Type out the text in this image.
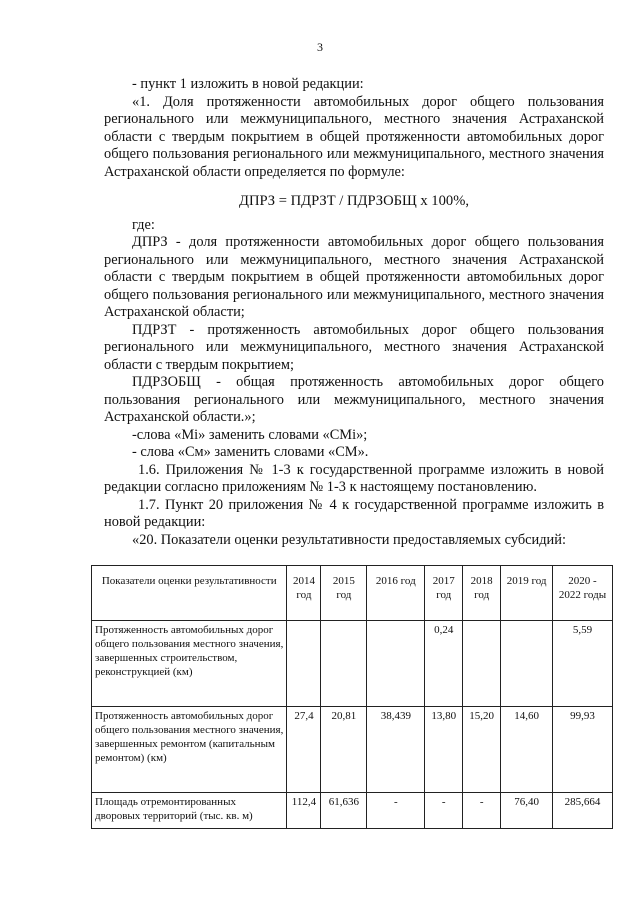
3

- пункт 1 изложить в новой редакции:

«1. Доля протяженности автомобильных дорог общего пользования регионального или межмуниципального, местного значения Астраханской области с твердым покрытием в общей протяженности автомобильных дорог общего пользования регионального или межмуниципального, местного значения Астраханской области определяется по формуле:

ДПРЗ = ПДРЗТ / ПДРЗОБЩ х 100%,

где:

ДПРЗ - доля протяженности автомобильных дорог общего пользования регионального или межмуниципального, местного значения Астраханской области с твердым покрытием в общей протяженности автомобильных дорог общего пользования регионального или межмуниципального, местного значения Астраханской области;

ПДРЗТ - протяженность автомобильных дорог общего пользования регионального или межмуниципального, местного значения Астраханской области с твердым покрытием;

ПДРЗОБЩ - общая протяженность автомобильных дорог общего пользования регионального или межмуниципального, местного значения Астраханской области.»;

-слова «Mi» заменить словами «СМi»;

- слова «См» заменить словами «СМ».

1.6. Приложения № 1-3 к государственной программе изложить в новой редакции согласно приложениям № 1-3 к настоящему постановлению.

1.7. Пункт 20 приложения № 4 к государственной программе изложить в новой редакции:

«20. Показатели оценки результативности предоставляемых субсидий:

Показатели оценки результативности	2014 год	2015 год	2016 год	2017 год	2018 год	2019 год	2020 - 2022 годы
Протяженность автомобильных дорог общего пользования местного значения, завершенных строительством, реконструкцией (км)				0,24			5,59
Протяженность автомобильных дорог общего пользования местного значения, завершенных ремонтом (капитальным ремонтом) (км)	27,4	20,81	38,439	13,80	15,20	14,60	99,93
Площадь отремонтированных дворовых территорий (тыс. кв. м)	112,4	61,636	-	-	-	76,40	285,664
